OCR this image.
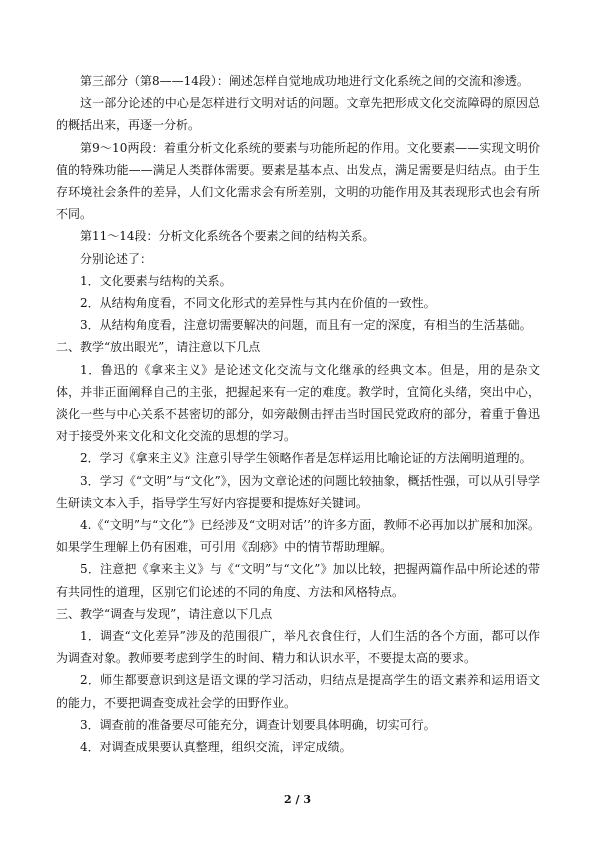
第三部分（第8——14段）：阐述怎样自觉地成功地进行文化系统之间的交流和渗透。

这一部分论述的中心是怎样进行文明对话的问题。文章先把形成文化交流障碍的原因总的概括出来，再逐一分析。

第9～10两段：着重分析文化系统的要素与功能所起的作用。文化要素——实现文明价值的特殊功能——满足人类群体需要。要素是基本点、出发点，满足需要是归结点。由于生存环境社会条件的差异，人们文化需求会有所差别，文明的功能作用及其表现形式也会有所不同。

第11～14段：分析文化系统各个要素之间的结构关系。

分别论述了：

1．文化要素与结构的关系。

2．从结构角度看，不同文化形式的差异性与其内在价值的一致性。

3．从结构角度看，注意切需要解决的问题，而且有一定的深度，有相当的生活基础。

二、教学“放出眼光”，请注意以下几点

1．鲁迅的《拿来主义》是论述文化交流与文化继承的经典文本。但是，用的是杂文体，并非正面阐释自己的主张，把握起来有一定的难度。教学时，宜简化头绪，突出中心，淡化一些与中心关系不甚密切的部分，如旁敲侧击抨击当时国民党政府的部分，着重于鲁迅对于接受外来文化和文化交流的思想的学习。

2．学习《拿来主义》注意引导学生领略作者是怎样运用比喻论证的方法阐明道理的。

3．学习《“文明”与“文化”》，因为文章论述的问题比较抽象，概括性强，可以从引导学生研读文本入手，指导学生写好内容提要和提炼好关键词。

4.《“文明”与“文化”》已经涉及“文明对话’’的许多方面，教师不必再加以扩展和加深。如果学生理解上仍有困难，可引用《刮痧》中的情节帮助理解。

5．注意把《拿来主义》与《“文明”与“文化”》加以比较，把握两篇作品中所论述的带有共同性的道理，区别它们论述的不同的角度、方法和风格特点。

三、教学“调查与发现”，请注意以下几点

1．调查“文化差异”涉及的范围很广，举凡衣食住行，人们生活的各个方面，都可以作为调查对象。教师要考虑到学生的时间、精力和认识水平，不要提太高的要求。

2．师生都要意识到这是语文课的学习活动，归结点是提高学生的语文素养和运用语文的能力，不要把调查变成社会学的田野作业。

3．调查前的准备要尽可能充分，调查计划要具体明确，切实可行。

4．对调查成果要认真整理，组织交流，评定成绩。

2 / 3
